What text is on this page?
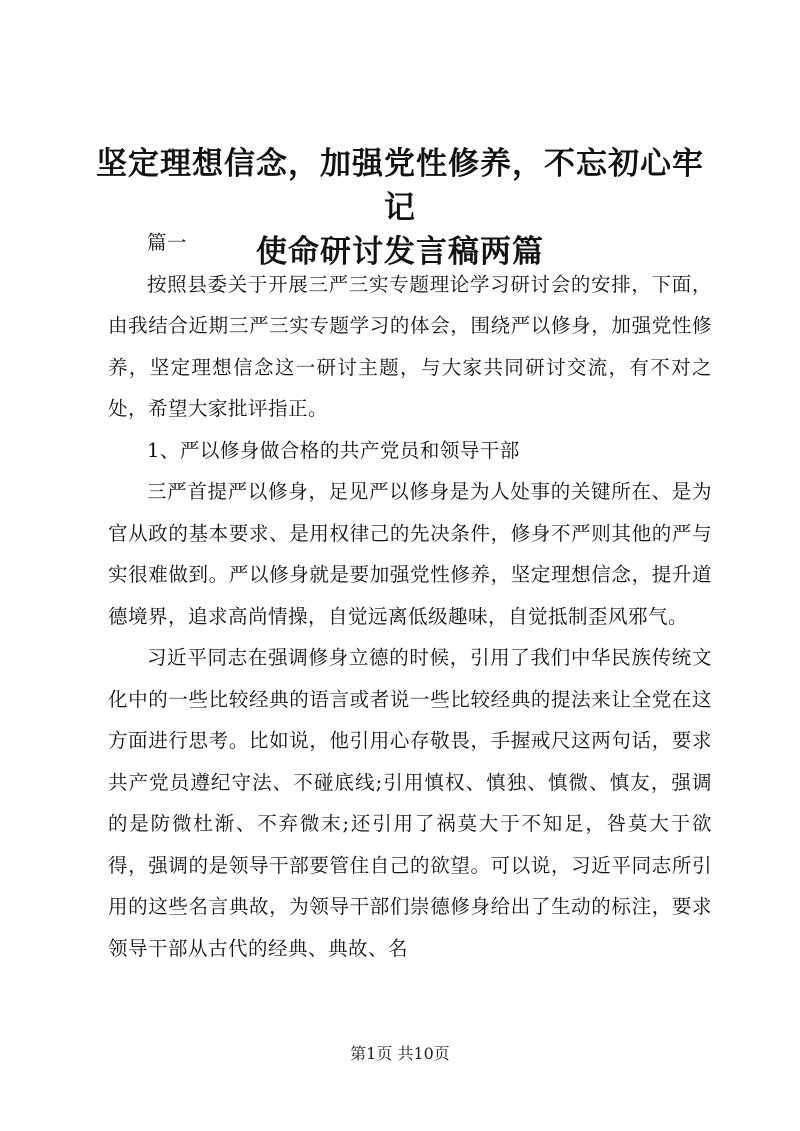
坚定理想信念，加强党性修养，不忘初心牢记
使命研讨发言稿两篇

篇一

按照县委关于开展三严三实专题理论学习研讨会的安排，下面，由我结合近期三严三实专题学习的体会，围绕严以修身，加强党性修养，坚定理想信念这一研讨主题，与大家共同研讨交流，有不对之处，希望大家批评指正。

1、严以修身做合格的共产党员和领导干部

三严首提严以修身，足见严以修身是为人处事的关键所在、是为官从政的基本要求、是用权律己的先决条件，修身不严则其他的严与实很难做到。严以修身就是要加强党性修养，坚定理想信念，提升道德境界，追求高尚情操，自觉远离低级趣味，自觉抵制歪风邪气。

习近平同志在强调修身立德的时候，引用了我们中华民族传统文化中的一些比较经典的语言或者说一些比较经典的提法来让全党在这方面进行思考。比如说，他引用心存敬畏，手握戒尺这两句话，要求共产党员遵纪守法、不碰底线;引用慎权、慎独、慎微、慎友，强调的是防微杜渐、不弃微末;还引用了祸莫大于不知足，咎莫大于欲得，强调的是领导干部要管住自己的欲望。可以说，习近平同志所引用的这些名言典故，为领导干部们崇德修身给出了生动的标注，要求领导干部从古代的经典、典故、名

第1页 共10页
